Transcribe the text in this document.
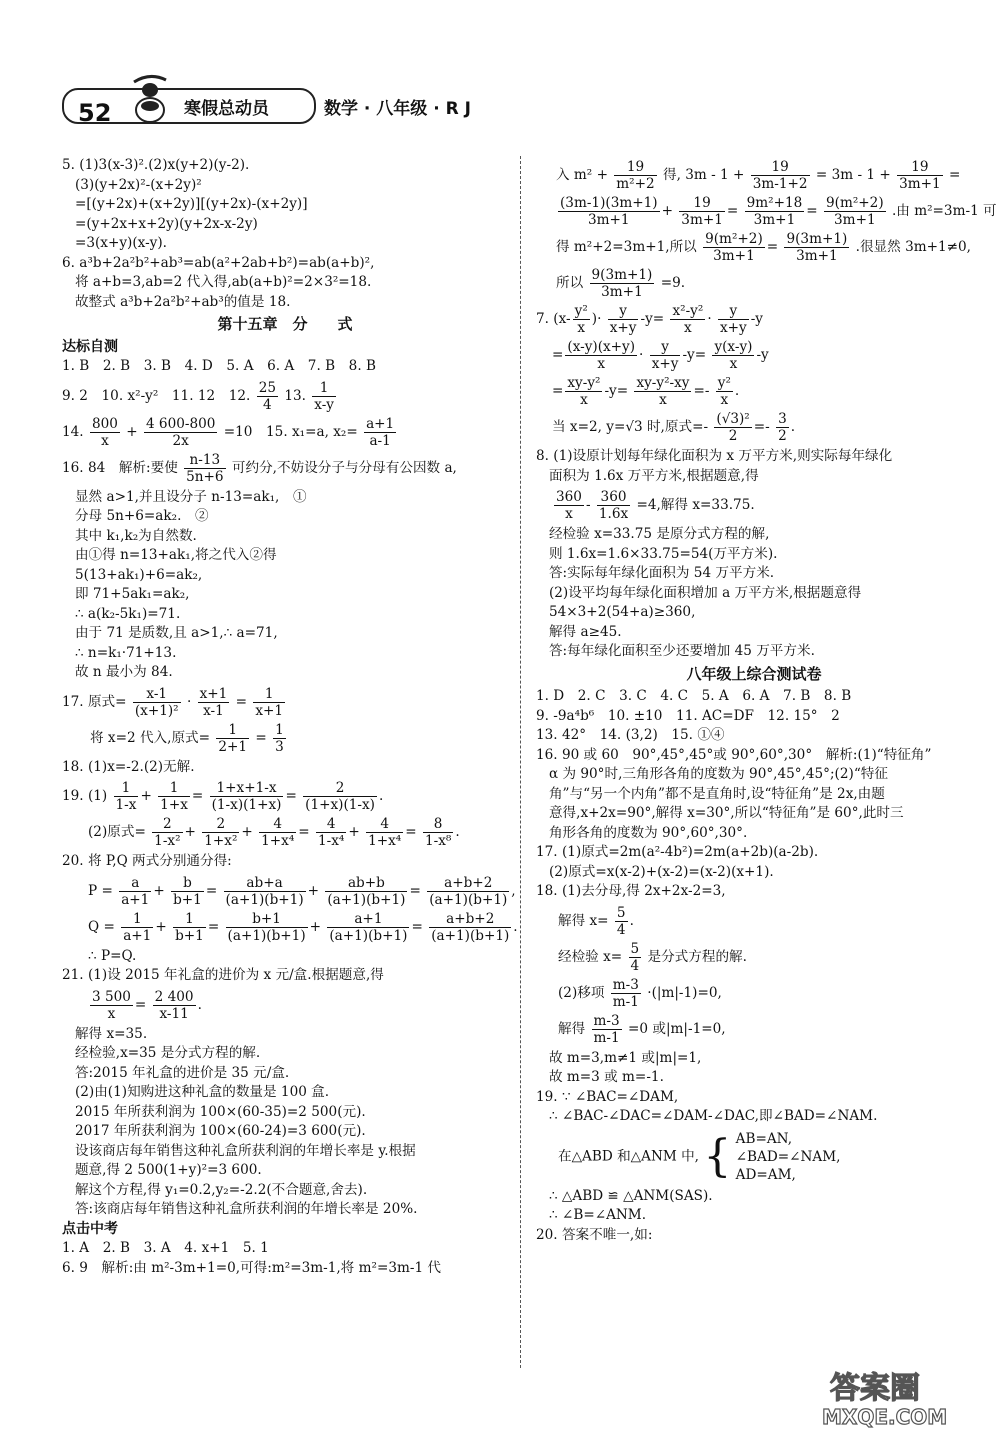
52	寒假总动员	数学 · 八年级 · R J
5. (1)3(x-3)².(2)x(y+2)(y-2).
(3)(y+2x)²-(x+2y)²
=[(y+2x)+(x+2y)][(y+2x)-(x+2y)]
=(y+2x+x+2y)(y+2x-x-2y)
=3(x+y)(x-y).
6. a³b+2a²b²+ab³=ab(a²+2ab+b²)=ab(a+b)²,
将 a+b=3,ab=2 代入得,ab(a+b)²=2×3²=18.
故整式 a³b+2a²b²+ab³的值是 18.
第十五章　分　　式
达标自测
1. B　2. B　3. B　4. D　5. A　6. A　7. B　8. B
9. 2　10. x²-y²　11. 12　12. $\frac{25}{4} 13$. $\frac{1}{x-y}$
14. $\frac{800}{x} + \frac{4 600-800}{2x} =10$　15. x₁=a, $x_2= \frac{a+1}{a-1}$
16. 84　解析:要使 $\frac{n-13}{5n+6}$ 可约分,不妨设分子与分母有公因数 a,
显然 a>1,并且设分子 n-13=ak₁,　①
分母 5n+6=ak₂.　②
其中 k₁,k₂为自然数.
由①得 n=13+ak₁,将之代入②得
5(13+ak₁)+6=ak₂,
即 71+5ak₁=ak₂,
∴ a(k₂-5k₁)=71.
由于 71 是质数,且 a>1,∴ a=71,
∴ n=k₁·71+13.
故 n 最小为 84.
17. 原式= $\frac{x-1}{\text{(x+1)²}} \cdot \frac{x+1}{x-1} = \frac{1}{x+1}$
将 x=2 代入,原式= $\frac{1}{2+1} = \frac{1}{3}$
18. (1)x=-2.(2)无解.
19. $(1) \frac{1}{1-x} + \frac{1}{1+x} = \frac{1+x+1-x}{(1-x)(1+x)} = \frac{2}{(1+x)(1-x)}$ .
(2)原式= $\frac{2}{\text{1-x²}} + \frac{2}{\text{1+x²}} + \frac{4}{\text{1+x⁴}} = \frac{4}{\text{1-x⁴}} + \frac{4}{\text{1+x⁴}} = \frac{8}{\text{1-x⁸}}$ .
20. 将 P,Q 两式分别通分得:
$P = \frac{a}{a+1} + \frac{b}{b+1} = \frac{ab+a}{(a+1)(b+1)} + \frac{ab+b}{(a+1)(b+1)} = \frac{a+b+2}{(a+1)(b+1)}$ ,
$Q = \frac{1}{a+1} + \frac{1}{b+1} = \frac{b+1}{(a+1)(b+1)} + \frac{a+1}{(a+1)(b+1)} = \frac{a+b+2}{(a+1)(b+1)}$ .
∴ P=Q.
21. (1)设 2015 年礼盒的进价为 x 元/盒.根据题意,得
$\frac{3 500}{x} = \frac{2 400}{x-11}$ .
解得 x=35.
经检验,x=35 是分式方程的解.
答:2015 年礼盒的进价是 35 元/盒.
(2)由(1)知购进这种礼盒的数量是 100 盒.
2015 年所获利润为 100×(60-35)=2 500(元).
2017 年所获利润为 100×(60-24)=3 600(元).
设该商店每年销售这种礼盒所获利润的年增长率是 y.根据
题意,得 2 500(1+y)²=3 600.
解这个方程,得 y₁=0.2,y₂=-2.2(不合题意,舍去).
答:该商店每年销售这种礼盒所获利润的年增长率是 20%.
点击中考
1. A　2. B　3. A　4. x+1　5. 1
6. 9　解析:由 m²-3m+1=0,可得:m²=3m-1,将 m²=3m-1 代
入 $m^2 + \frac{19}{\text{m²+2}}$ 得, $3m - 1 + \frac{19}{3m-1+2} = 3m - 1 + \frac{19}{3m+1}$ =
$\frac{(3m-1)(3m+1)}{3m+1} + \frac{19}{3m+1} = \frac{\text{9m²+18}}{3m+1} = \frac{\text{9(m²+2)}}{3m+1}$ .由 m²=3m-1 可
得 m²+2=3m+1,所以 $\frac{\text{9(m²+2)}}{3m+1} = \frac{9(3m+1)}{3m+1}$ .很显然 3m+1≠0,
所以 $\frac{9(3m+1)}{3m+1} =9$.
7. ($x- \frac{\text{y²}}{x}$ )· $\frac{y}{x+y} -y= \frac{\text{x²-y²}}{x} \cdot \frac{y}{x+y} -y$
= $\frac{(x-y)(x+y)}{x} \cdot \frac{y}{x+y} -y= \frac{y(x-y)}{x} -y$
= $\frac{\text{xy-y²}}{x} -y= \frac{\text{xy-y²-xy}}{x} =- \frac{\text{y²}}{x}$ .
当 x=2, y=√3 时,原式=- $\frac{\text{(√3)²}}{2} =- \frac{3}{2}$ .
8. (1)设原计划每年绿化面积为 x 万平方米,则实际每年绿化
面积为 1.6x 万平方米,根据题意,得
$\frac{360}{x} - \frac{360}{1.6x} =4$,解得 x=33.75.
经检验 x=33.75 是原分式方程的解,
则 1.6x=1.6×33.75=54(万平方米).
答:实际每年绿化面积为 54 万平方米.
(2)设平均每年绿化面积增加 a 万平方米,根据题意得
54×3+2(54+a)≥360,
解得 a≥45.
答:每年绿化面积至少还要增加 45 万平方米.
八年级上综合测试卷
1. D　2. C　3. C　4. C　5. A　6. A　7. B　8. B
9. -9a⁴b⁶　10. ±10　11. AC=DF　12. 15°　2
13. 42°　14. (3,2)　15. ①④
16. 90 或 60　90°,45°,45°或 90°,60°,30°　解析:(1)“特征角”
α 为 90°时,三角形各角的度数为 90°,45°,45°;(2)“特征
角”与“另一个内角”都不是直角时,设“特征角”是 2x,由题
意得,x+2x=90°,解得 x=30°,所以“特征角”是 60°,此时三
角形各角的度数为 90°,60°,30°.
17. (1)原式=2m(a²-4b²)=2m(a+2b)(a-2b).
(2)原式=x(x-2)+(x-2)=(x-2)(x+1).
18. (1)去分母,得 2x+2x-2=3,
解得 $x= \frac{5}{4}$ .
经检验 $x= \frac{5}{4}$ 是分式方程的解.
(2)移项 $\frac{m-3}{m-1} \cdot(|m|-1)=0$,
解得 $\frac{m-3}{m-1} =0$ 或|m|-1=0,
故 m=3,m≠1 或|m|=1,
故 m=3 或 m=-1.
19. ∵ ∠BAC=∠DAM,
∴ ∠BAC-∠DAC=∠DAM-∠DAC,即∠BAD=∠NAM.
在△ABD 和△ANM 中, { AB=AN,
∠BAD=∠NAM,
AD=AM,
∴ △ABD ≌ △ANM(SAS).
∴ ∠B=∠ANM.
20. 答案不唯一,如:
答案圈
MXQE.COM
